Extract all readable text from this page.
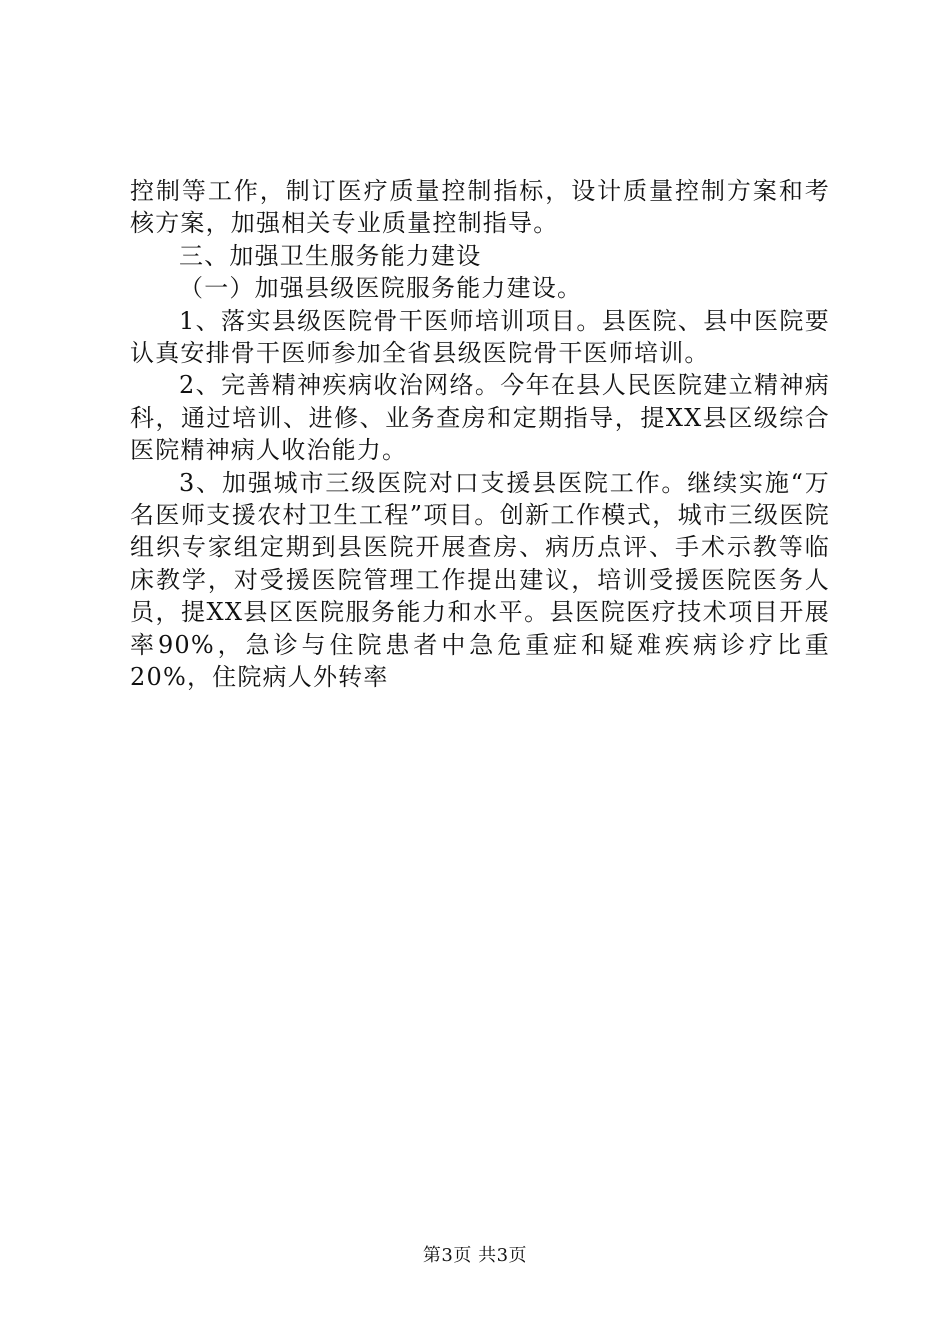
控制等工作，制订医疗质量控制指标，设计质量控制方案和考核方案，加强相关专业质量控制指导。

三、加强卫生服务能力建设

（一）加强县级医院服务能力建设。

1、落实县级医院骨干医师培训项目。县医院、县中医院要认真安排骨干医师参加全省县级医院骨干医师培训。

2、完善精神疾病收治网络。今年在县人民医院建立精神病科，通过培训、进修、业务查房和定期指导，提XX县区级综合医院精神病人收治能力。

3、加强城市三级医院对口支援县医院工作。继续实施“万名医师支援农村卫生工程”项目。创新工作模式，城市三级医院组织专家组定期到县医院开展查房、病历点评、手术示教等临床教学，对受援医院管理工作提出建议，培训受援医院医务人员，提XX县区医院服务能力和水平。县医院医疗技术项目开展率90%，急诊与住院患者中急危重症和疑难疾病诊疗比重20%，住院病人外转率

第3页 共3页
